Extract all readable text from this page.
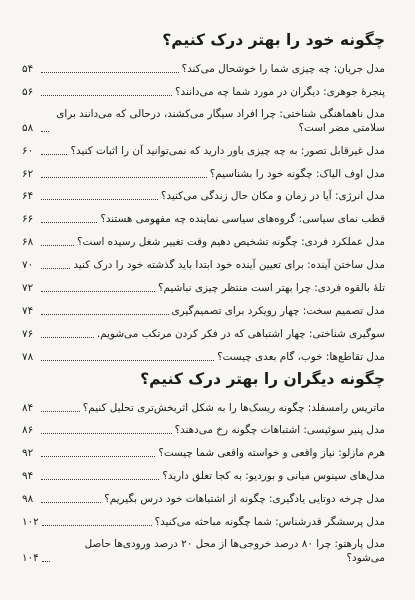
چگونه خود را بهتر درک کنیم؟
مدل جریان: چه چیزی شما را خوشحال می‌کند؟
۵۴
پنجرهٔ جوهری: دیگران در مورد شما چه می‌دانند؟
۵۶
مدل ناهماهنگی شناختی: چرا افراد سیگار می‌کشند، درحالی که می‌دانند برای سلامتی مضر است؟
۵۸
مدل غیرقابل تصور: به چه چیزی باور دارید که نمی‌توانید آن را اثبات کنید؟
۶۰
مدل اوف الیاک: چگونه خود را بشناسیم؟
۶۲
مدل انرژی: آیا در زمان و مکان حال زندگی می‌کنید؟
۶۴
قطب نمای سیاسی: گروه‌های سیاسی نماینده چه مفهومی هستند؟
۶۶
مدل عملکرد فردی: چگونه تشخیص دهیم وقت تغییر شغل رسیده است؟
۶۸
مدل ساختن آینده: برای تعیین آینده خود ابتدا باید گذشته خود را درک کنید
۷۰
تلهٔ بالقوه فردی: چرا بهتر است منتظر چیزی نباشیم؟
۷۲
مدل تصمیم سخت: چهار رویکرد برای تصمیم‌گیری
۷۴
سوگیری شناختی: چهار اشتباهی که در فکر کردن مرتکب می‌شویم.
۷۶
مدل تقاطع‌ها: خوب، گام بعدی چیست؟
۷۸
چگونه دیگران را بهتر درک کنیم؟
ماتریس رامسفلد: چگونه ریسک‌ها را به شکل اثربخش‌تری تحلیل کنیم؟
۸۴
مدل پنیر سوئیسی: اشتباهات چگونه رخ می‌دهند؟
۸۶
هرم مازلو: نیاز واقعی و خواسته واقعی شما چیست؟
۹۲
مدل‌های سینوس میانی و بوردیو: به کجا تعلق دارید؟
۹۴
مدل چرخه دوتایی یادگیری: چگونه از اشتباهات خود درس بگیریم؟
۹۸
مدل پرسشگر قدرشناس: شما چگونه مباحثه می‌کنید؟
۱۰۲
مدل پارهتو: چرا ۸۰ درصد خروجی‌ها از محل ۲۰ درصد ورودی‌ها حاصل می‌شود؟
۱۰۴
